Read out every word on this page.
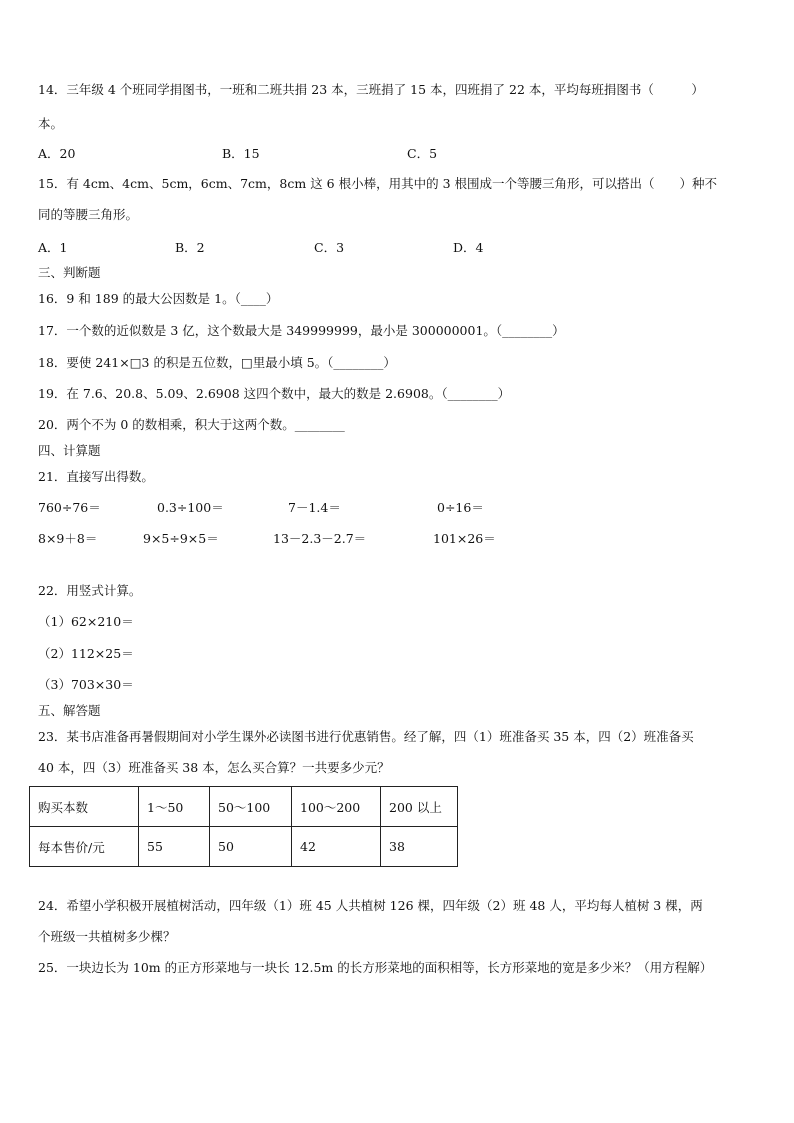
14．三年级 4 个班同学捐图书，一班和二班共捐 23 本，三班捐了 15 本，四班捐了 22 本，平均每班捐图书（　　　）
本。
A．20	B．15	C．5
15．有 4cm、4cm、5cm，6cm、7cm，8cm 这 6 根小棒，用其中的 3 根围成一个等腰三角形，可以搭出（　　）种不
同的等腰三角形。
A．1	B．2	C．3	D．4
三、判断题
16．9 和 189 的最大公因数是 1。（____）
17．一个数的近似数是 3 亿，这个数最大是 349999999，最小是 300000001。（________）
18．要使 241×□3 的积是五位数，□里最小填 5。（________）
19．在 7.6、20.8、5.09、2.6908 这四个数中，最大的数是 2.6908。（________）
20．两个不为 0 的数相乘，积大于这两个数。________
四、计算题
21．直接写出得数。
760÷76＝	0.3÷100＝	7－1.4＝	0÷16＝
8×9＋8＝	9×5÷9×5＝	13－2.3－2.7＝	101×26＝
22．用竖式计算。
（1）62×210＝
（2）112×25＝
（3）703×30＝
五、解答题
23．某书店准备再暑假期间对小学生课外必读图书进行优惠销售。经了解，四（1）班准备买 35 本，四（2）班准备买
40 本，四（3）班准备买 38 本，怎么买合算？一共要多少元？
购买本数	1～50	50～100	100～200	200 以上
每本售价/元	55	50	42	38
24．希望小学积极开展植树活动，四年级（1）班 45 人共植树 126 棵，四年级（2）班 48 人，平均每人植树 3 棵，两
个班级一共植树多少棵？
25．一块边长为 10m 的正方形菜地与一块长 12.5m 的长方形菜地的面积相等，长方形菜地的宽是多少米？（用方程解）
